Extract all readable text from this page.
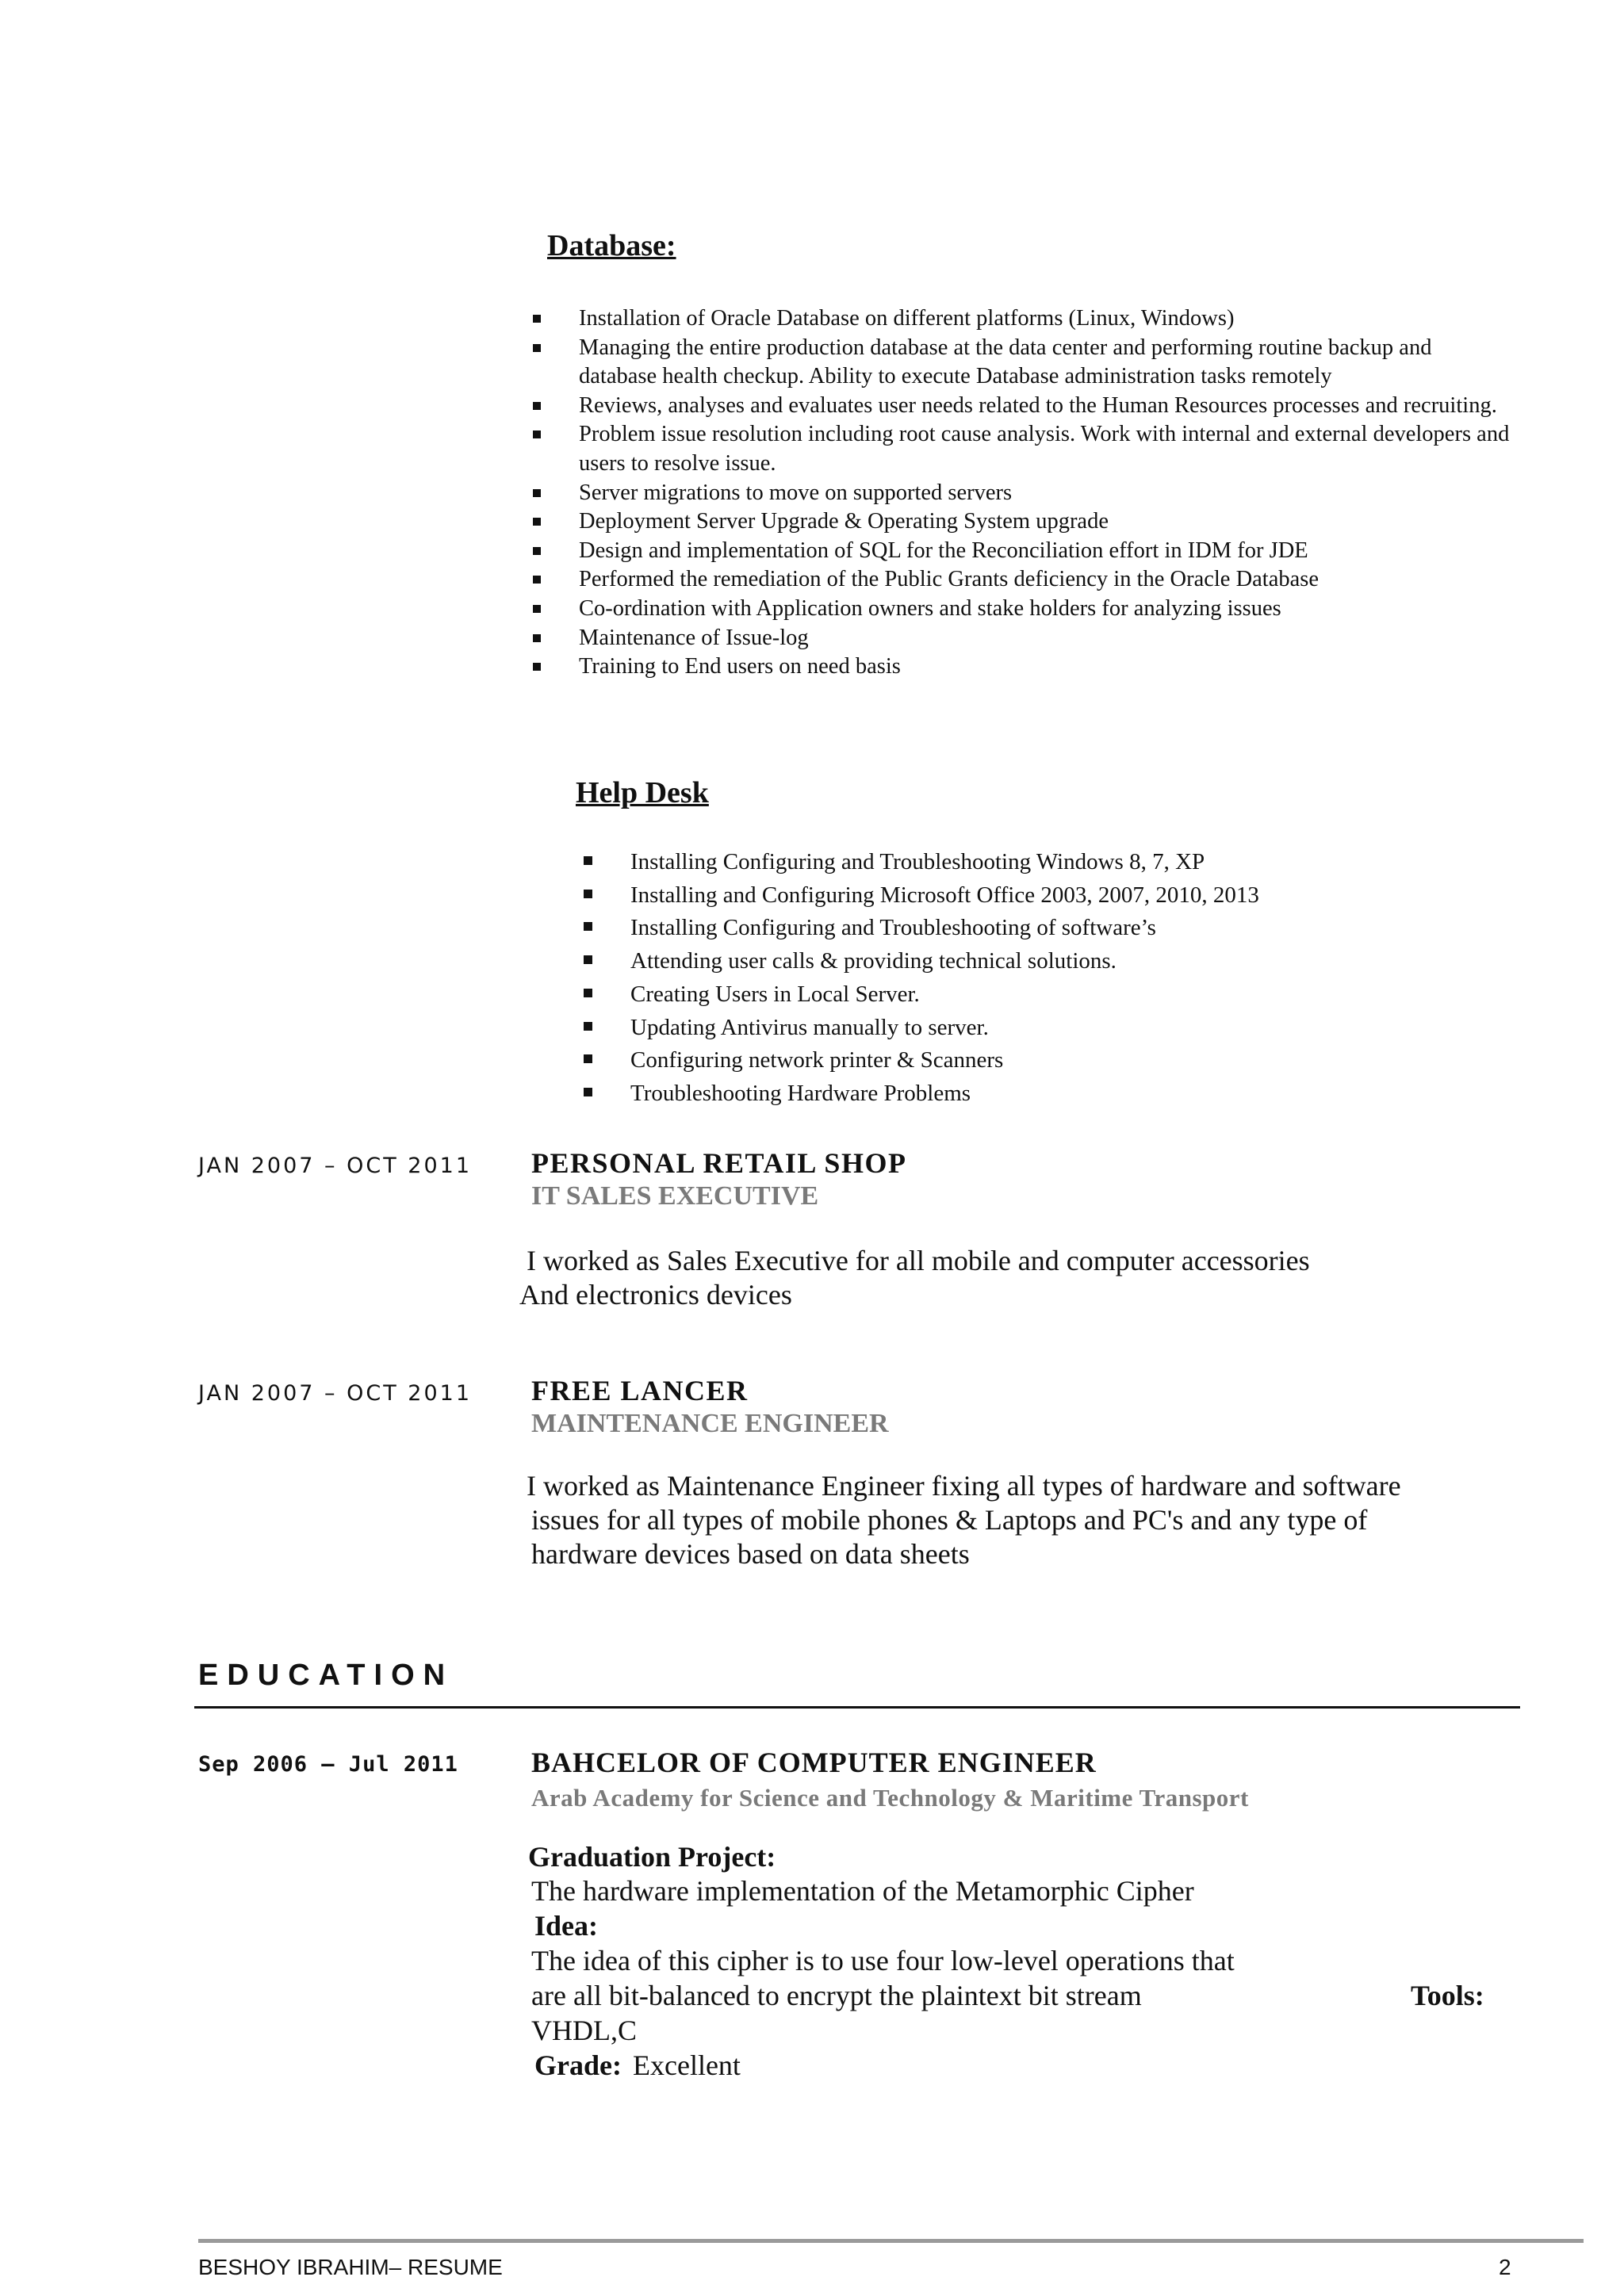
Database:
Installation of Oracle Database on different platforms (Linux, Windows)
Managing the entire production database at the data center and performing routine backup and database health checkup. Ability to execute Database administration tasks remotely
Reviews, analyses and evaluates user needs related to the Human Resources processes and recruiting.
Problem issue resolution including root cause analysis. Work with internal and external developers and users to resolve issue.
Server migrations to move on supported servers
Deployment Server Upgrade & Operating System upgrade
Design and implementation of SQL for the Reconciliation effort in IDM for JDE
Performed the remediation of the Public Grants deficiency in the Oracle Database
Co-ordination with Application owners and stake holders for analyzing issues
Maintenance of Issue-log
Training to End users on need basis
Help Desk
Installing Configuring and Troubleshooting Windows 8, 7, XP
Installing and Configuring Microsoft Office 2003, 2007, 2010, 2013
Installing Configuring and Troubleshooting of software’s
Attending user calls & providing technical solutions.
Creating Users in Local Server.
Updating Antivirus manually to server.
Configuring network printer & Scanners
Troubleshooting Hardware Problems
JAN 2007 – OCT 2011 PERSONAL RETAIL SHOP
IT SALES EXECUTIVE
I worked as Sales Executive for all mobile and computer accessories
And electronics devices
JAN 2007 – OCT 2011 FREE LANCER
MAINTENANCE ENGINEER
I worked as Maintenance Engineer fixing all types of hardware and software
issues for all types of mobile phones & Laptops and PC's and any type of
hardware devices based on data sheets
EDUCATION
Sep 2006 – Jul 2011	BAHCELOR OF COMPUTER ENGINEER
Arab Academy for Science and Technology & Maritime Transport
Graduation Project:
The hardware implementation of the Metamorphic Cipher
Idea:
The idea of this cipher is to use four low-level operations that
are all bit-balanced to encrypt the plaintext bit stream	Tools:
VHDL,C
Grade: Excellent
BESHOY IBRAHIM– RESUME	2
